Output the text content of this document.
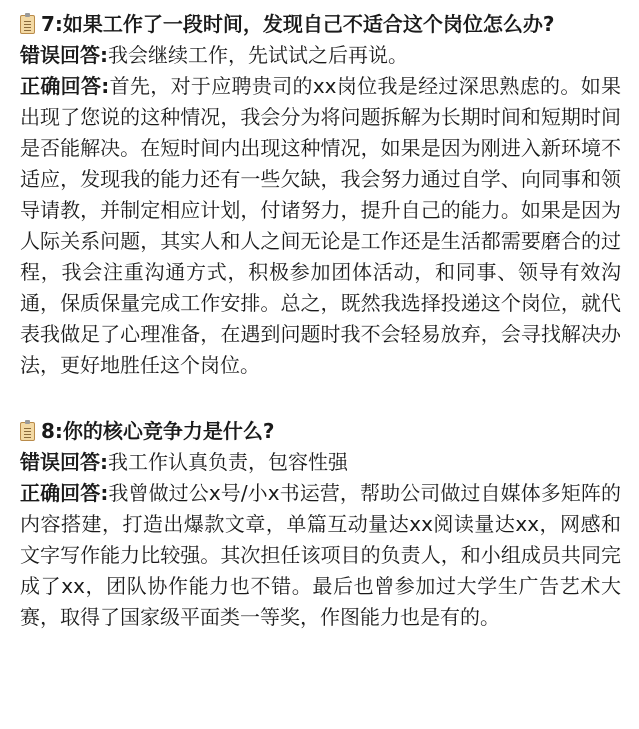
7:如果工作了一段时间，发现自己不适合这个岗位怎么办?

错误回答:我会继续工作，先试试之后再说。

正确回答:首先，对于应聘贵司的xx岗位我是经过深思熟虑的。如果出现了您说的这种情况，我会分为将问题拆解为长期时间和短期时间是否能解决。在短时间内出现这种情况，如果是因为刚进入新环境不适应，发现我的能力还有一些欠缺，我会努力通过自学、向同事和领导请教，并制定相应计划，付诸努力，提升自己的能力。如果是因为人际关系问题，其实人和人之间无论是工作还是生活都需要磨合的过程，我会注重沟通方式，积极参加团体活动，和同事、领导有效沟通，保质保量完成工作安排。总之，既然我选择投递这个岗位，就代表我做足了心理准备，在遇到问题时我不会轻易放弃，会寻找解决办法，更好地胜任这个岗位。

8:你的核心竞争力是什么?

错误回答:我工作认真负责，包容性强

正确回答:我曾做过公x号/小x书运营，帮助公司做过自媒体多矩阵的内容搭建，打造出爆款文章，单篇互动量达xx阅读量达xx，网感和文字写作能力比较强。其次担任该项目的负责人，和小组成员共同完成了xx，团队协作能力也不错。最后也曾参加过大学生广告艺术大赛，取得了国家级平面类一等奖，作图能力也是有的。
